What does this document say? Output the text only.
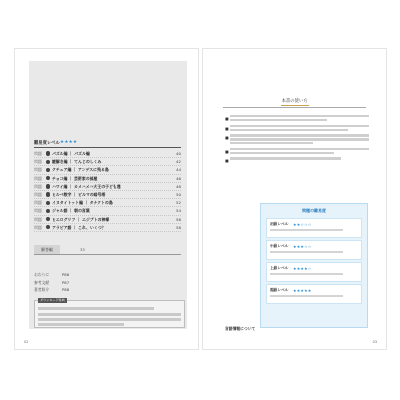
難易度レベル ★★★★
問題	パズル編 ｜ パズル編	40
問題	謎解き編 ｜ てんじのしくみ	42
問題	クチュア編 ｜ アンデスに残る島	44
問題	チョコ編 ｜ 芸術家の部屋	46
問題	ハワイ編 ｜ カメハメハ大王の子ども達	48
問題	ヒルベ数字 ｜ ビルマの暗号塔	50
問題	イヌタイトット編 ｜ タナクトの島	52
問題	ジャル語 ｜ 朝の言葉	54
問題	ヒエログリフ ｜ エジプトの神様	56
問題	アラビア語 ｜ これ、いくつ？	58
解答編	33
おわりに	P86
参考文献	P87
著者紹介	P88
ダウンロード特典
02
本書の使い方
■
■
■
■
■
問題の難易度
初級レベル ★★☆☆☆
中級レベル ★★★☆☆
上級レベル ★★★★☆
超級レベル ★★★★★
言語情報について
03
